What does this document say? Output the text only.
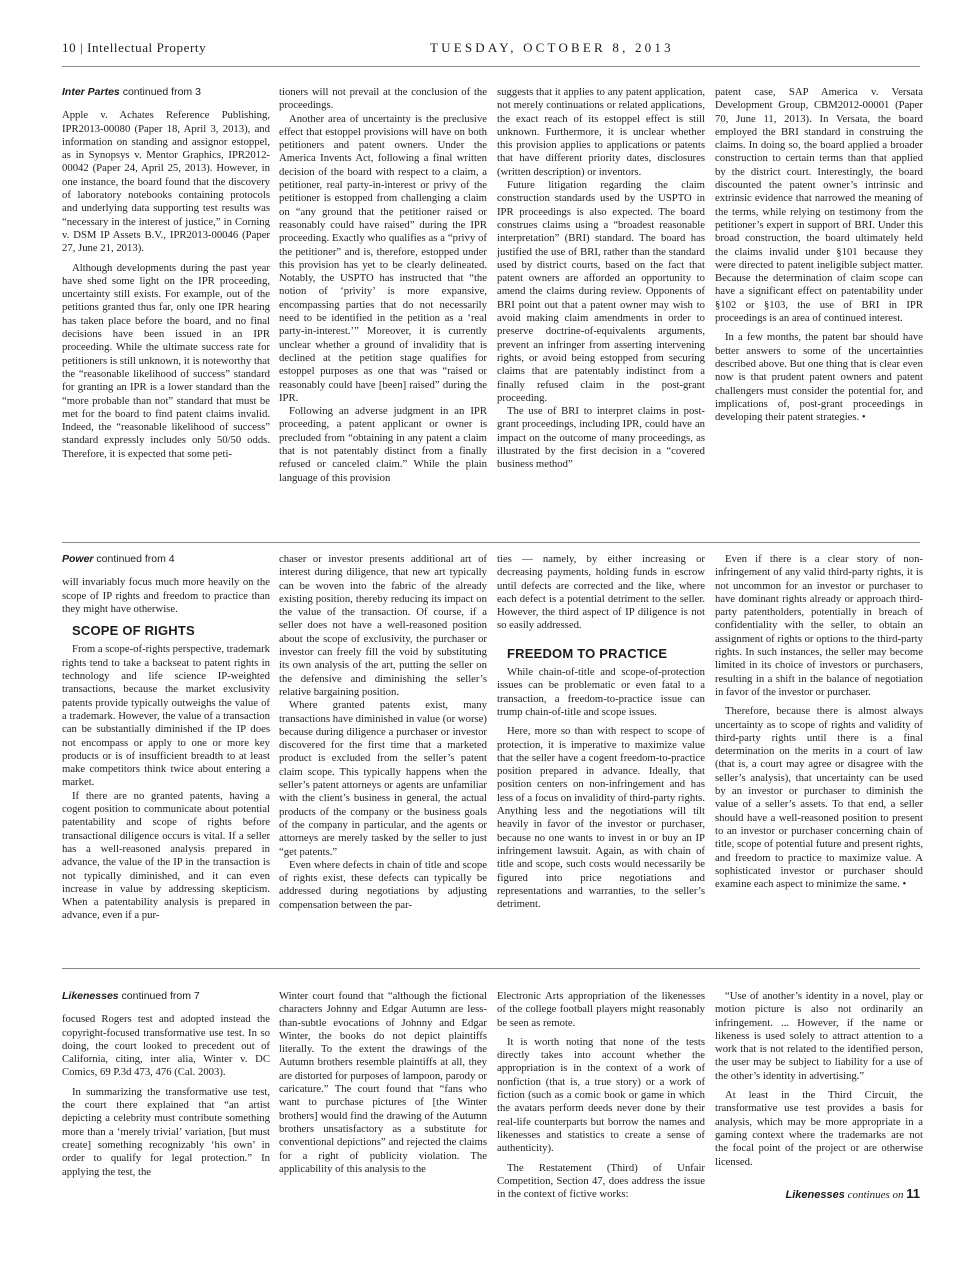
10 | Intellectual Property	TUESDAY, OCTOBER 8, 2013

Inter Partes continued from 3

Apple v. Achates Reference Publishing, IPR2013-00080 (Paper 18, April 3, 2013), and information on standing and assignor estoppel, as in Synopsys v. Mentor Graphics, IPR2012-00042 (Paper 24, April 25, 2013). However, in one instance, the board found that the discovery of laboratory notebooks containing protocols and underlying data supporting test results was “necessary in the interest of justice,” in Corning v. DSM IP Assets B.V., IPR2013-00046 (Paper 27, June 21, 2013).

Although developments during the past year have shed some light on the IPR proceeding, uncertainty still exists. For example, out of the petitions granted thus far, only one IPR hearing has taken place before the board, and no final decisions have been issued in an IPR proceeding. While the ultimate success rate for petitioners is still unknown, it is noteworthy that the “reasonable likelihood of success” standard for granting an IPR is a lower standard than the “more probable than not” standard that must be met for the board to find patent claims invalid. Indeed, the “reasonable likelihood of success” standard expressly includes only 50/50 odds. Therefore, it is expected that some peti-

tioners will not prevail at the conclusion of the proceedings.

Another area of uncertainty is the preclusive effect that estoppel provisions will have on both petitioners and patent owners. Under the America Invents Act, following a final written decision of the board with respect to a claim, a petitioner, real party-in-interest or privy of the petitioner is estopped from challenging a claim on “any ground that the petitioner raised or reasonably could have raised” during the IPR proceeding. Exactly who qualifies as a “privy of the petitioner” and is, therefore, estopped under this provision has yet to be clearly delineated. Notably, the USPTO has instructed that “the notion of ‘privity’ is more expansive, encompassing parties that do not necessarily need to be identified in the petition as a ‘real party-in-interest.’” Moreover, it is currently unclear whether a ground of invalidity that is declined at the petition stage qualifies for estoppel purposes as one that was “raised or reasonably could have [been] raised” during the IPR.

Following an adverse judgment in an IPR proceeding, a patent applicant or owner is precluded from “obtaining in any patent a claim that is not patentably distinct from a finally refused or canceled claim.” While the plain language of this provision

suggests that it applies to any patent application, not merely continuations or related applications, the exact reach of its estoppel effect is still unknown. Furthermore, it is unclear whether this provision applies to applications or patents that have different priority dates, disclosures (written description) or inventors.

Future litigation regarding the claim construction standards used by the USPTO in IPR proceedings is also expected. The board construes claims using a “broadest reasonable interpretation” (BRI) standard. The board has justified the use of BRI, rather than the standard used by district courts, based on the fact that patent owners are afforded an opportunity to amend the claims during review. Opponents of BRI point out that a patent owner may wish to avoid making claim amendments in order to preserve doctrine-of-equivalents arguments, prevent an infringer from asserting intervening rights, or avoid being estopped from securing claims that are patentably indistinct from a finally refused claim in the post-grant proceeding.

The use of BRI to interpret claims in post-grant proceedings, including IPR, could have an impact on the outcome of many proceedings, as illustrated by the first decision in a “covered business method”

patent case, SAP America v. Versata Development Group, CBM2012-00001 (Paper 70, June 11, 2013). In Versata, the board employed the BRI standard in construing the claims. In doing so, the board applied a broader construction to certain terms than that applied by the district court. Interestingly, the board discounted the patent owner’s intrinsic and extrinsic evidence that narrowed the meaning of the terms, while relying on testimony from the petitioner’s expert in support of BRI. Under this broad construction, the board ultimately held the claims invalid under §101 because they were directed to patent ineligible subject matter. Because the determination of claim scope can have a significant effect on patentability under §102 or §103, the use of BRI in IPR proceedings is an area of continued interest.

In a few months, the patent bar should have better answers to some of the uncertainties described above. But one thing that is clear even now is that prudent patent owners and patent challengers must consider the potential for, and implications of, post-grant proceedings in developing their patent strategies. •

Power continued from 4

will invariably focus much more heavily on the scope of IP rights and freedom to practice than they might have otherwise.

SCOPE OF RIGHTS

From a scope-of-rights perspective, trademark rights tend to take a backseat to patent rights in technology and life science IP-weighted transactions, because the market exclusivity patents provide typically outweighs the value of a trademark. However, the value of a transaction can be substantially diminished if the IP does not encompass or apply to one or more key products or is of insufficient breadth to at least make competitors think twice about entering a market.

If there are no granted patents, having a cogent position to communicate about potential patentability and scope of rights before transactional diligence occurs is vital. If a seller has a well-reasoned analysis prepared in advance, the value of the IP in the transaction is not typically diminished, and it can even increase in value by addressing skepticism. When a patentability analysis is prepared in advance, even if a pur-

chaser or investor presents additional art of interest during diligence, that new art typically can be woven into the fabric of the already existing position, thereby reducing its impact on the value of the transaction. Of course, if a seller does not have a well-reasoned position about the scope of exclusivity, the purchaser or investor can freely fill the void by substituting its own analysis of the art, putting the seller on the defensive and diminishing the seller’s relative bargaining position.

Where granted patents exist, many transactions have diminished in value (or worse) because during diligence a purchaser or investor discovered for the first time that a marketed product is excluded from the seller’s patent claim scope. This typically happens when the seller’s patent attorneys or agents are unfamiliar with the client’s business in general, the actual products of the company or the business goals of the company in particular, and the agents or attorneys are merely tasked by the seller to just “get patents.”

Even where defects in chain of title and scope of rights exist, these defects can typically be addressed during negotiations by adjusting compensation between the par-

ties — namely, by either increasing or decreasing payments, holding funds in escrow until defects are corrected and the like, where each defect is a potential detriment to the seller. However, the third aspect of IP diligence is not so easily addressed.

FREEDOM TO PRACTICE

While chain-of-title and scope-of-protection issues can be problematic or even fatal to a transaction, a freedom-to-practice issue can trump chain-of-title and scope issues.

Here, more so than with respect to scope of protection, it is imperative to maximize value that the seller have a cogent freedom-to-practice position prepared in advance. Ideally, that position centers on non-infringement and has less of a focus on invalidity of third-party rights. Anything less and the negotiations will tilt heavily in favor of the investor or purchaser, because no one wants to invest in or buy an IP infringement lawsuit. Again, as with chain of title and scope, such costs would necessarily be figured into price negotiations and representations and warranties, to the seller’s detriment.

Even if there is a clear story of non-infringement of any valid third-party rights, it is not uncommon for an investor or purchaser to have dominant rights already or approach third-party patentholders, potentially in breach of confidentiality with the seller, to obtain an assignment of rights or options to the third-party rights. In such instances, the seller may become limited in its choice of investors or purchasers, resulting in a shift in the balance of negotiation in favor of the investor or purchaser.

Therefore, because there is almost always uncertainty as to scope of rights and validity of third-party rights until there is a final determination on the merits in a court of law (that is, a court may agree or disagree with the seller’s analysis), that uncertainty can be used by an investor or purchaser to diminish the value of a seller’s assets. To that end, a seller should have a well-reasoned position to present to an investor or purchaser concerning chain of title, scope of potential future and present rights, and freedom to practice to maximize value. A sophisticated investor or purchaser should examine each aspect to minimize the same. •

Likenesses continued from 7

focused Rogers test and adopted instead the copyright-focused transformative use test. In so doing, the court looked to precedent out of California, citing, inter alia, Winter v. DC Comics, 69 P.3d 473, 476 (Cal. 2003).

In summarizing the transformative use test, the court there explained that “an artist depicting a celebrity must contribute something more than a ‘merely trivial’ variation, [but must create] something recognizably ‘his own’ in order to qualify for legal protection.” In applying the test, the

Winter court found that “although the fictional characters Johnny and Edgar Autumn are less-than-subtle evocations of Johnny and Edgar Winter, the books do not depict plaintiffs literally. To the extent the drawings of the Autumn brothers resemble plaintiffs at all, they are distorted for purposes of lampoon, parody or caricature.” The court found that “fans who want to purchase pictures of [the Winter brothers] would find the drawing of the Autumn brothers unsatisfactory as a substitute for conventional depictions” and rejected the claims for a right of publicity violation. The applicability of this analysis to the

Electronic Arts appropriation of the likenesses of the college football players might reasonably be seen as remote.

It is worth noting that none of the tests directly takes into account whether the appropriation is in the context of a work of nonfiction (that is, a true story) or a work of fiction (such as a comic book or game in which the avatars perform deeds never done by their real-life counterparts but borrow the names and likenesses and statistics to create a sense of authenticity).

The Restatement (Third) of Unfair Competition, Section 47, does address the issue in the context of fictive works:

“Use of another’s identity in a novel, play or motion picture is also not ordinarily an infringement. ... However, if the name or likeness is used solely to attract attention to a work that is not related to the identified person, the user may be subject to liability for a use of the other’s identity in advertising.”

At least in the Third Circuit, the transformative use test provides a basis for analysis, which may be more appropriate in a gaming context where the trademarks are not the focal point of the project or are otherwise licensed.

Likenesses continues on 11
